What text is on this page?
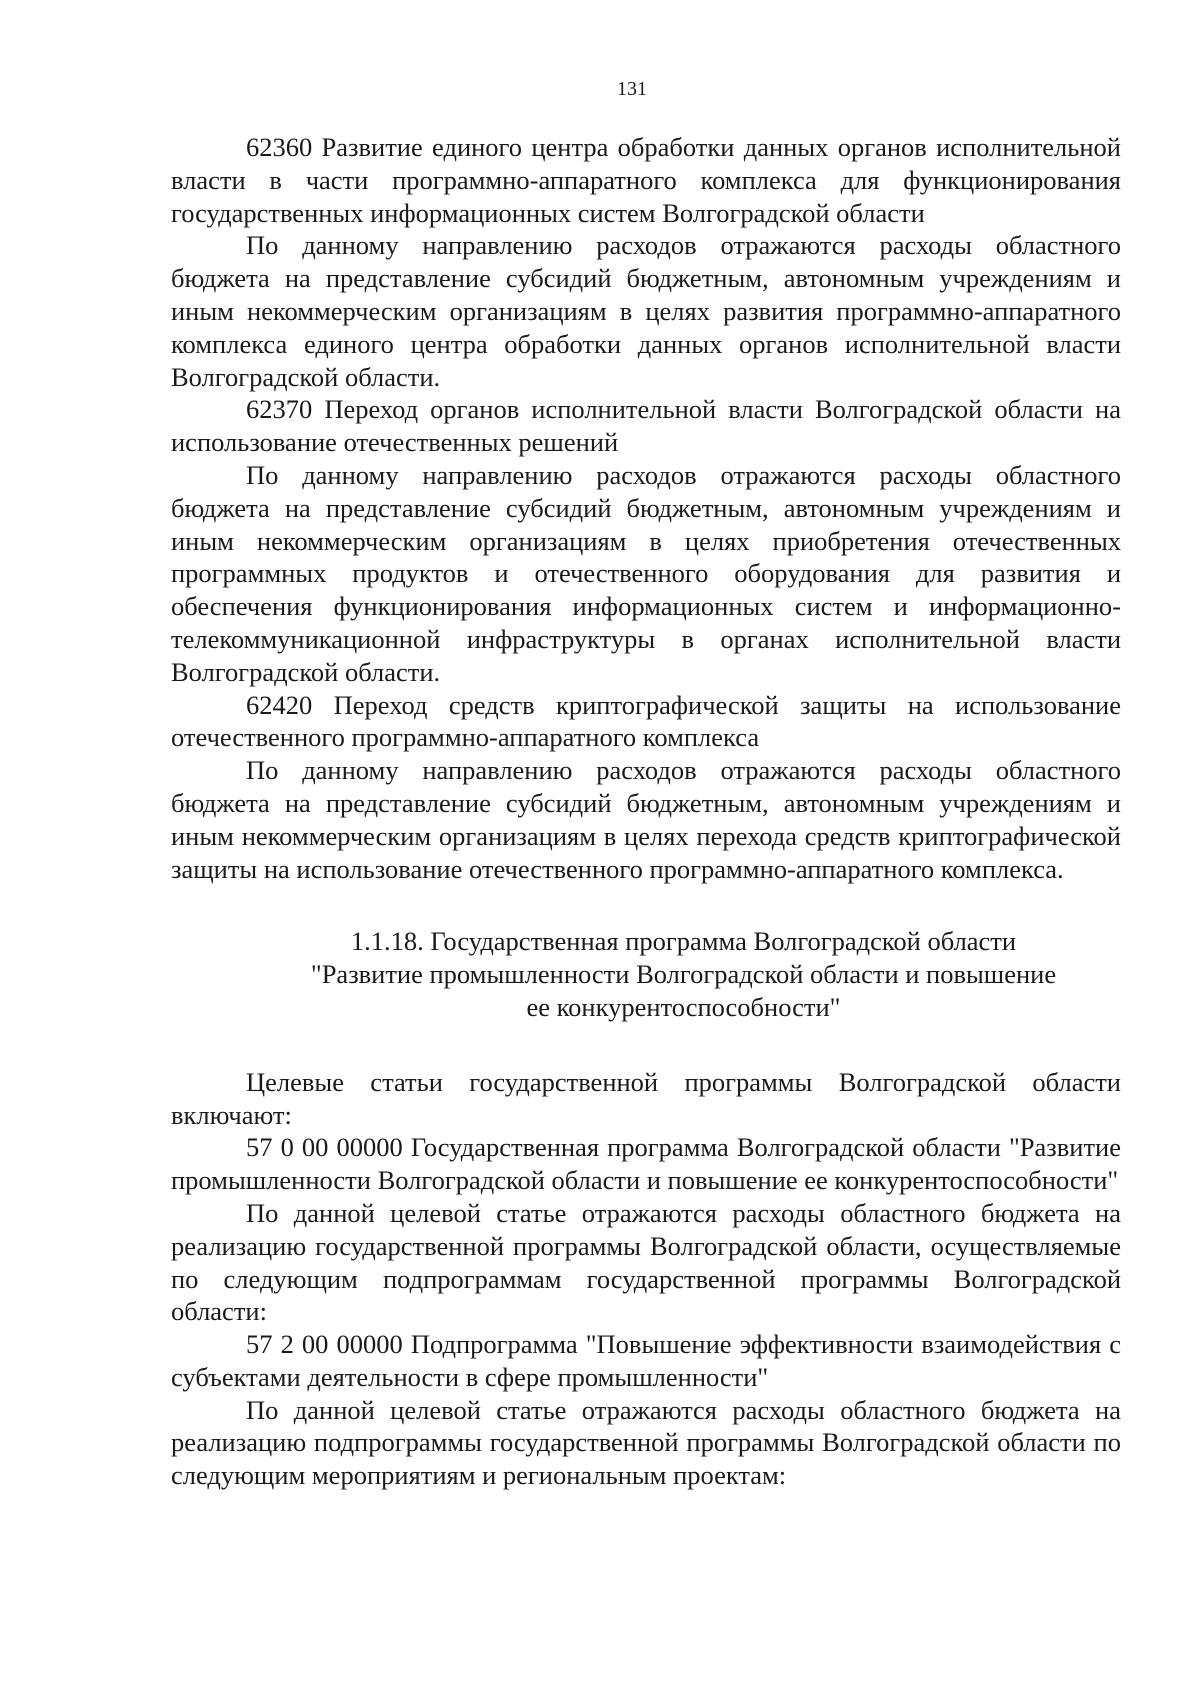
131

62360 Развитие единого центра обработки данных органов исполнительной власти в части программно-аппаратного комплекса для функционирования государственных информационных систем Волгоградской области

По данному направлению расходов отражаются расходы областного бюджета на представление субсидий бюджетным, автономным учреждениям и иным некоммерческим организациям в целях развития программно-аппаратного комплекса единого центра обработки данных органов исполнительной власти Волгоградской области.

62370 Переход органов исполнительной власти Волгоградской области на использование отечественных решений

По данному направлению расходов отражаются расходы областного бюджета на представление субсидий бюджетным, автономным учреждениям и иным некоммерческим организациям в целях приобретения отечественных программных продуктов и отечественного оборудования для развития и обеспечения функционирования информационных систем и информационно-телекоммуникационной инфраструктуры в органах исполнительной власти Волгоградской области.

62420 Переход средств криптографической защиты на использование отечественного программно-аппаратного комплекса

По данному направлению расходов отражаются расходы областного бюджета на представление субсидий бюджетным, автономным учреждениям и иным некоммерческим организациям в целях перехода средств криптографической защиты на использование отечественного программно-аппаратного комплекса.

1.1.18. Государственная программа Волгоградской области
"Развитие промышленности Волгоградской области и повышение
ее конкурентоспособности"

Целевые статьи государственной программы Волгоградской области включают:

57 0 00 00000 Государственная программа Волгоградской области "Развитие промышленности Волгоградской области и повышение ее конкурентоспособности"

По данной целевой статье отражаются расходы областного бюджета на реализацию государственной программы Волгоградской области, осуществляемые по следующим подпрограммам государственной программы Волгоградской области:

57 2 00 00000 Подпрограмма "Повышение эффективности взаимодействия с субъектами деятельности в сфере промышленности"

По данной целевой статье отражаются расходы областного бюджета на реализацию подпрограммы государственной программы Волгоградской области по следующим мероприятиям и региональным проектам:
